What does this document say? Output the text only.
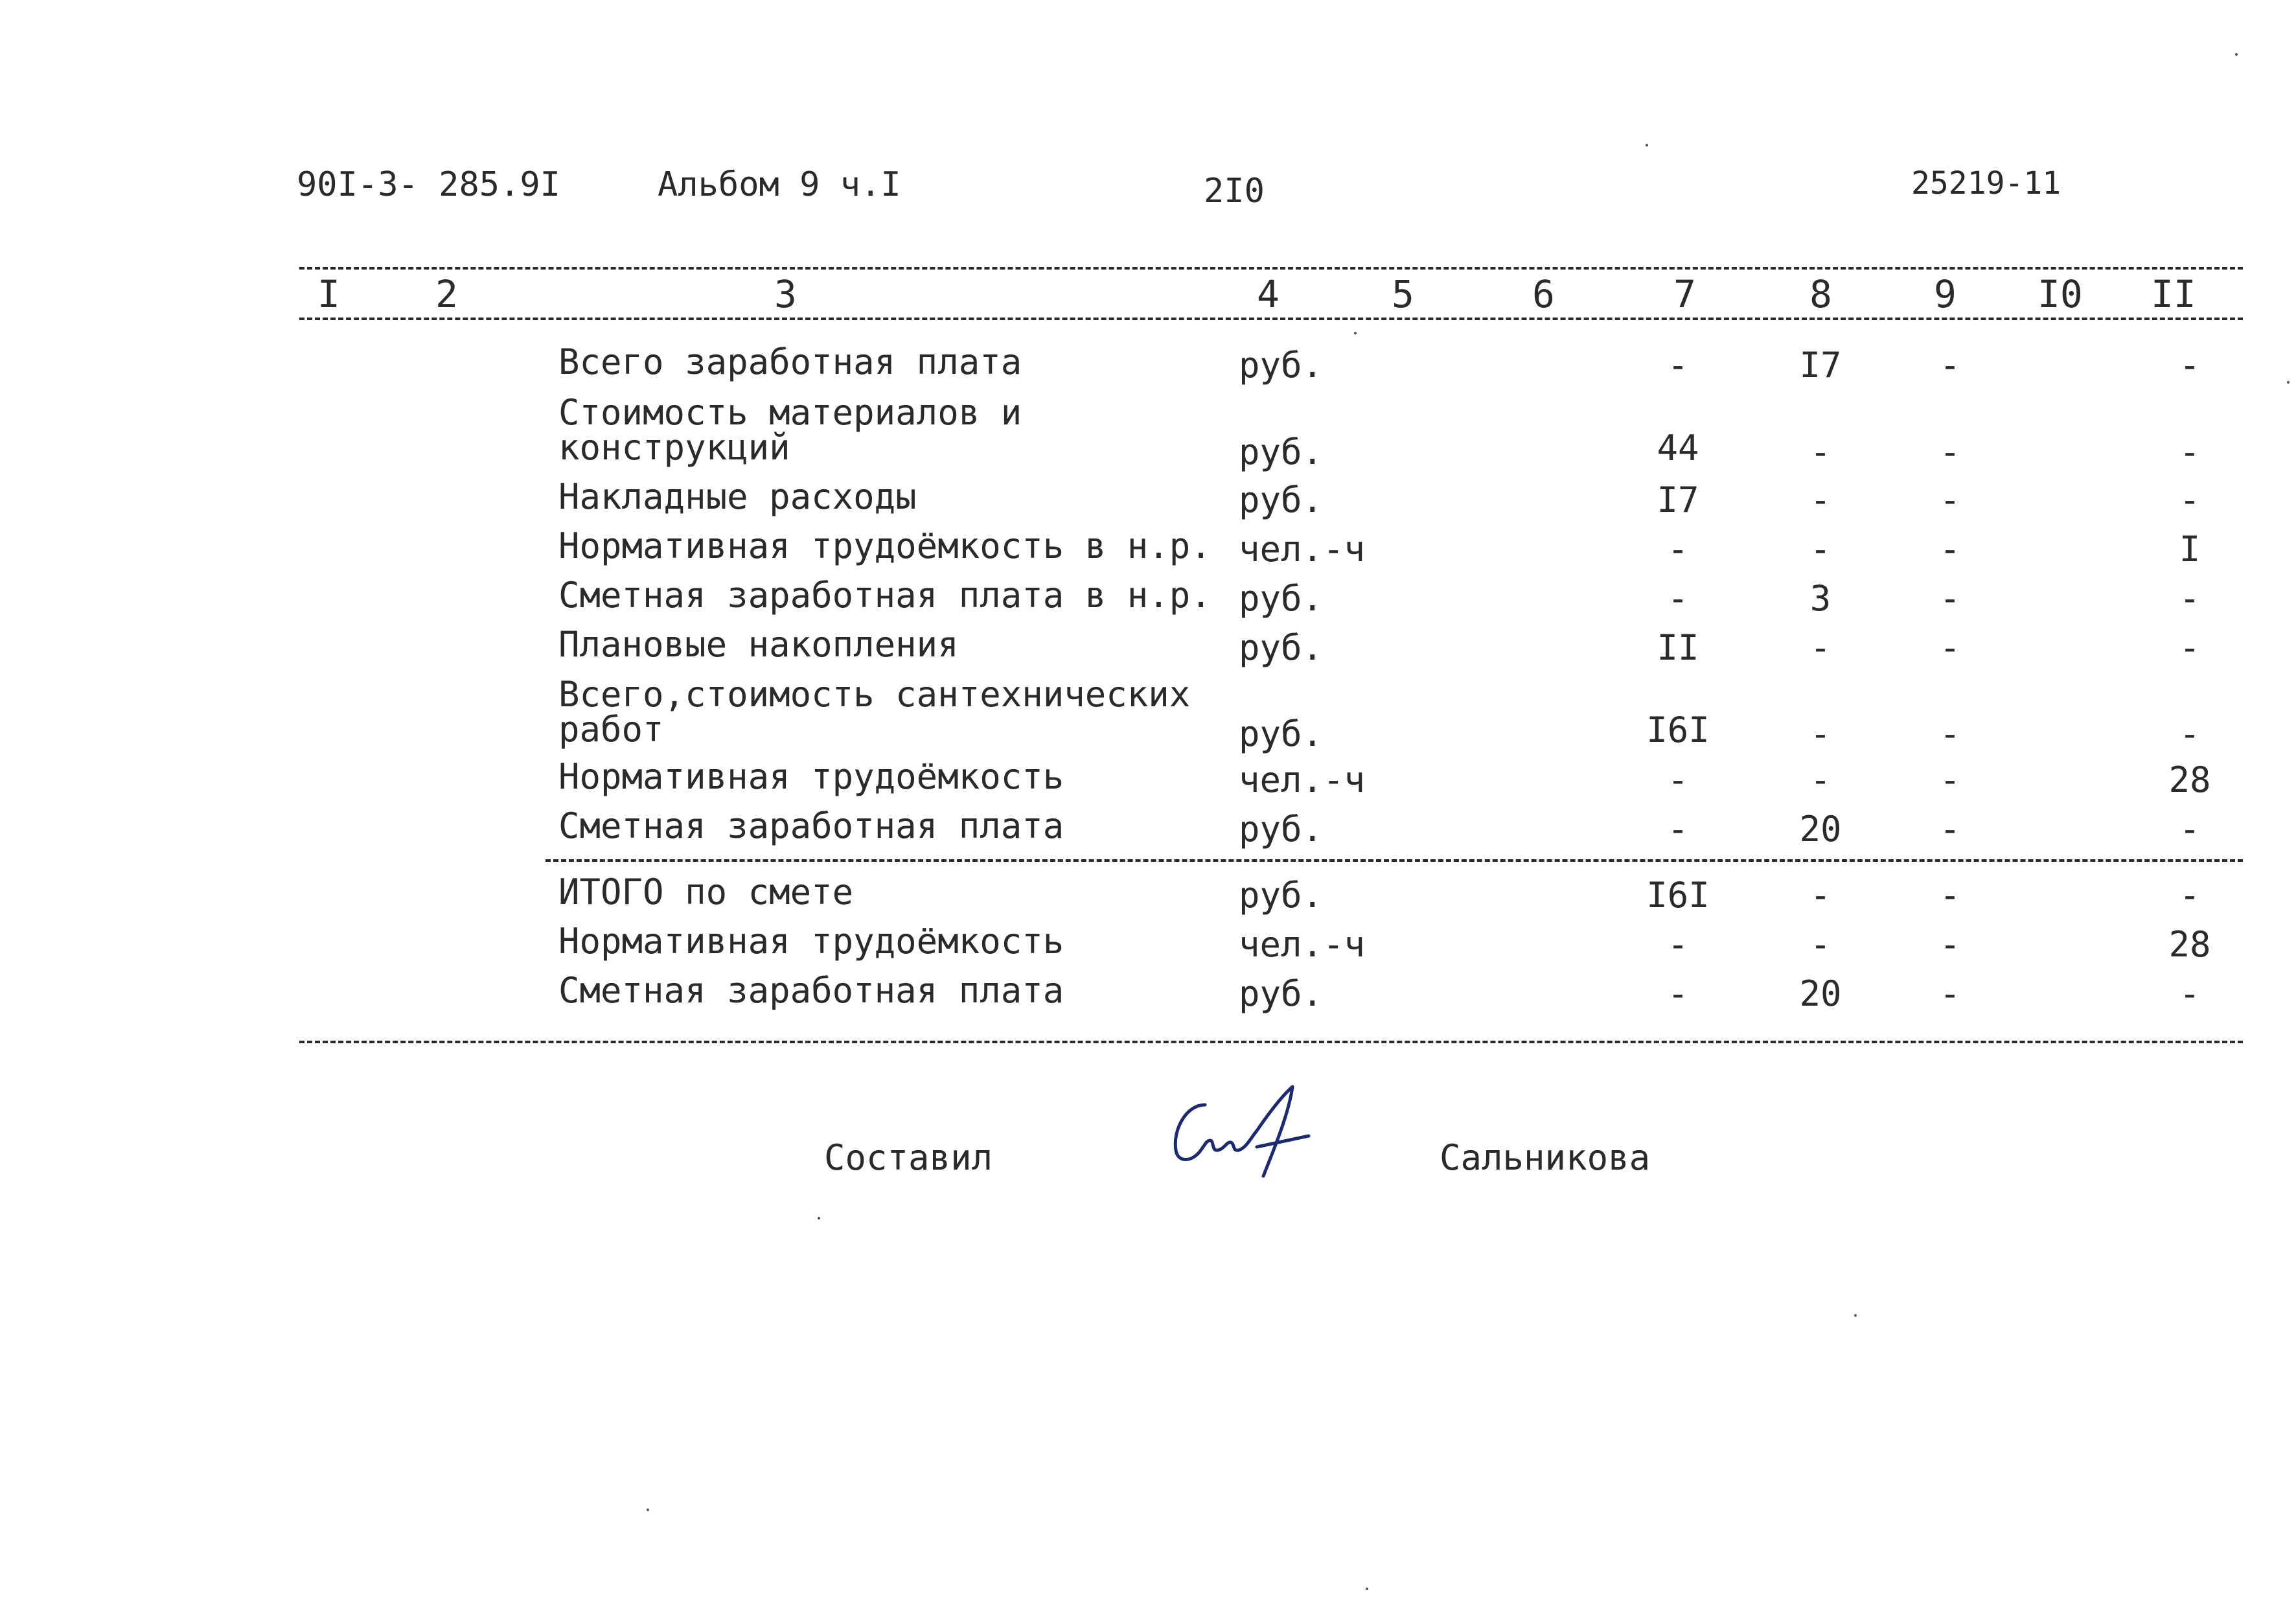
90I-3- 285.9I	Альбом 9 ч.I	2I0	25219-11
I	2	3	4	5	6	7	8	9 I0 II
Всего заработная плата	руб.	-	I7	-	-
Стоимость материалов и
конструкций	руб.	44	-	-	-
Накладные расходы	руб.	I7	-	-	-
Нормативная трудоёмкость в н.р. чел.-ч	-	-	-	I
Сметная заработная плата в н.р. руб.	-	3	-	-
Плановые накопления	руб.	II	-	-	-
Всего,стоимость сантехнических
работ	руб.	I6I	-	-	-
Нормативная трудоёмкость	чел.-ч	-	-	-	28
Сметная заработная плата	руб.	-	20	-	-
ИТОГО по смете	руб.	I6I	-	-	-
Нормативная трудоёмкость	чел.-ч	-	-	-	28
Сметная заработная плата	руб.	-	20	-	-
Составил	Сальникова
